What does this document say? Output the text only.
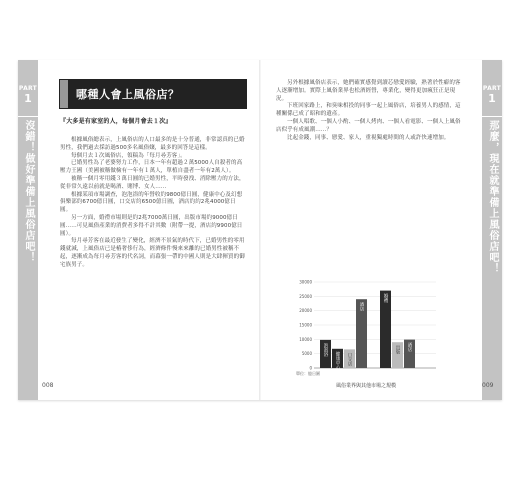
PART
1
沒錯！做好準備上風俗店吧！
PART
1
那麼，現在就準備上風俗店吧！
哪種人會上風俗店？
『大多是有家室的人，每個月會去１次』

根據風俗總表示，上風俗店的人口最多的是十分普通，非常認真的已婚男性，我們過去採訪過500多名風俗嬢，最多的回答是這樣。

每個月去１次風俗店，領稿為「每月尋芳客」。

已婚男性為了老婆努力工作，日本一年有超過２萬5000人自殺者的高壓力王國（美國被稱做檢有一年有１萬人，單植自盡者一年有2萬人）。

被稱一個月零用錢３萬日圓的已婚男性，平時發洩、消除壓力的方法，從非常久遠以前就是喝酒、賭博、女人……

根據某項市場調查，泡泡浴的年營收約9800億日圓，健康中心及幻想俱樂部約6700億日圓，口交店約6500億日圓，酒店約約2兆4000億日圓。

另一方面，婚禮市場則是約2兆7000萬日圓，出版市場約9000億日圓……可見風俗產業的消費者多得不計其數（附帶一提，酒店約9900億日圓）。

每月尋芳客在最近發生了變化，經濟不景氣的時代下，已婚男性的零用錢就減，上風俗店已是樁奢侈行為，經濟條件慢來來離的已婚男性被稱不起，逐漸成為每月尋芳客的代名詞，而幕張一帶的中國人則是大肆揮買的御宅族男子。

另外根據風俗店表示，她們確實感覺到讀芯戀愛經驗，熟著於性癖的客人逐漸增加。實際上風俗業界也松酒經營，專業化，變得更加瘋狂正是現況。

下班回家路上，和臭味相投的同事一起上風俗店，培養男人的感情，這種關係已成了昭和的遺產。

一個人唱歌、一個人小酌、一個人烤肉、一個人看電影、一個人上風俗店似乎有成風潮……？

比起金錢，同事、戀愛、家人，重視獨處時間的人或許快速增加。

0
5000
10000
15000
20000
25000
30000
泡泡浴
健康中心 口交店
酒店
婚禮
出版 酒店
單位：億日圓
風俗業界與其他市場之規模
008	009
